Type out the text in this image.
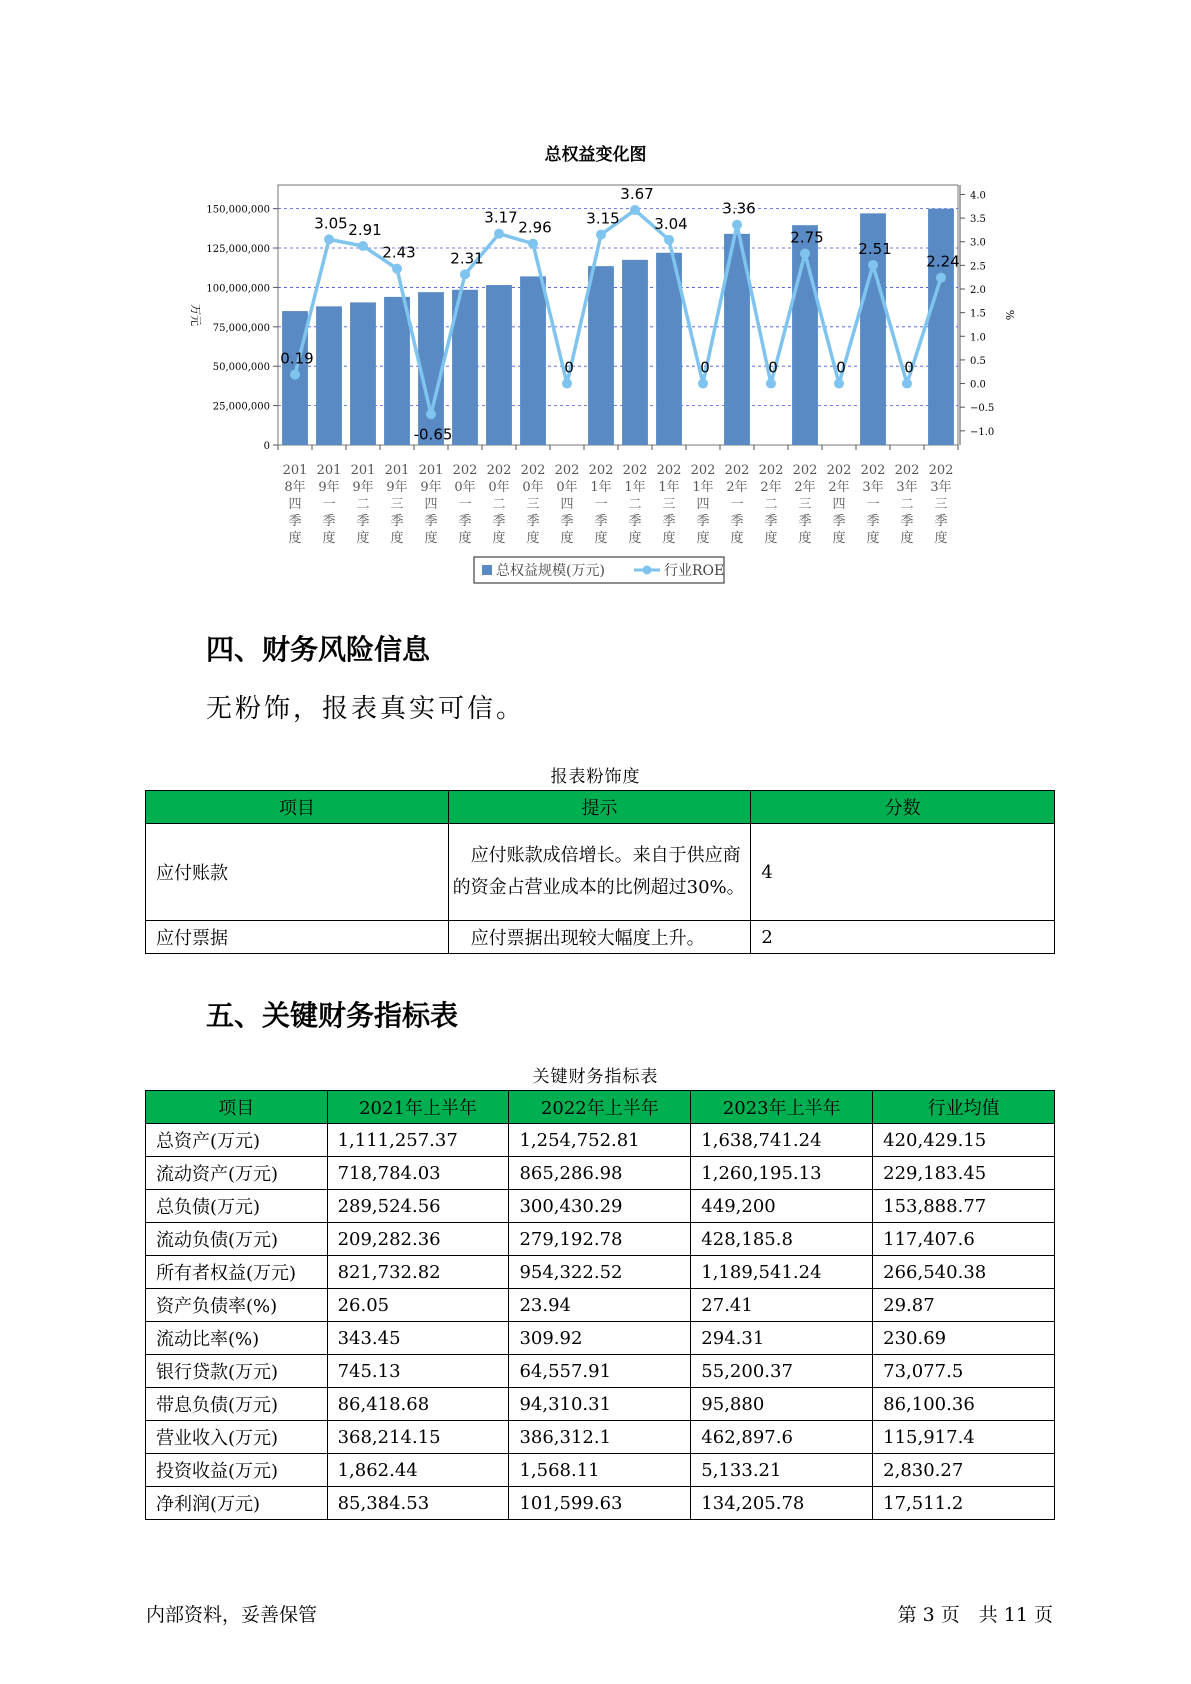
总权益变化图
0
25,000,000
50,000,000
75,000,000
100,000,000
125,000,000
150,000,000
−1.0
−0.5
0.0
0.5
1.0
1.5
2.0
2.5
3.0
3.5
4.0
万元	%
201
8年
四
季
度
201
9年
一
季
度
201
9年
二
季
度
201
9年
三
季
度
201
9年
四
季
度
202
0年
一
季
度
202
0年
二
季
度
202
0年
三
季
度
202
0年
四
季
度
202
1年
一
季
度
202
1年
二
季
度
202
1年
三
季
度
202
1年
四
季
度
202
2年
一
季
度
202
2年
二
季
度
202
2年
三
季
度
202
2年
四
季
度
202
3年
一
季
度
202
3年
二
季
度
202
3年
三
季
度
0.19
3.05 2.91
2.43
-0.65
2.31
3.17
2.96
0
3.15
3.67
3.04
0
3.36
0
2.75
0
2.51
0
2.24
总权益规模(万元)	行业ROE
四、财务风险信息
无粉饰，报表真实可信。
报表粉饰度
项目	提示	分数
应付账款	　应付账款成倍增长。来自于供应商的资金占营业成本的比例超过30%。	4
应付票据	　应付票据出现较大幅度上升。	2
五、关键财务指标表
关键财务指标表
项目	2021年上半年	2022年上半年	2023年上半年	行业均值
总资产(万元)	1,111,257.37	1,254,752.81	1,638,741.24	420,429.15
流动资产(万元)	718,784.03	865,286.98	1,260,195.13	229,183.45
总负债(万元)	289,524.56	300,430.29	449,200	153,888.77
流动负债(万元)	209,282.36	279,192.78	428,185.8	117,407.6
所有者权益(万元)	821,732.82	954,322.52	1,189,541.24	266,540.38
资产负债率(%)	26.05	23.94	27.41	29.87
流动比率(%)	343.45	309.92	294.31	230.69
银行贷款(万元)	745.13	64,557.91	55,200.37	73,077.5
带息负债(万元)	86,418.68	94,310.31	95,880	86,100.36
营业收入(万元)	368,214.15	386,312.1	462,897.6	115,917.4
投资收益(万元)	1,862.44	1,568.11	5,133.21	2,830.27
净利润(万元)	85,384.53	101,599.63	134,205.78	17,511.2
内部资料，妥善保管	第 3 页　共 11 页
